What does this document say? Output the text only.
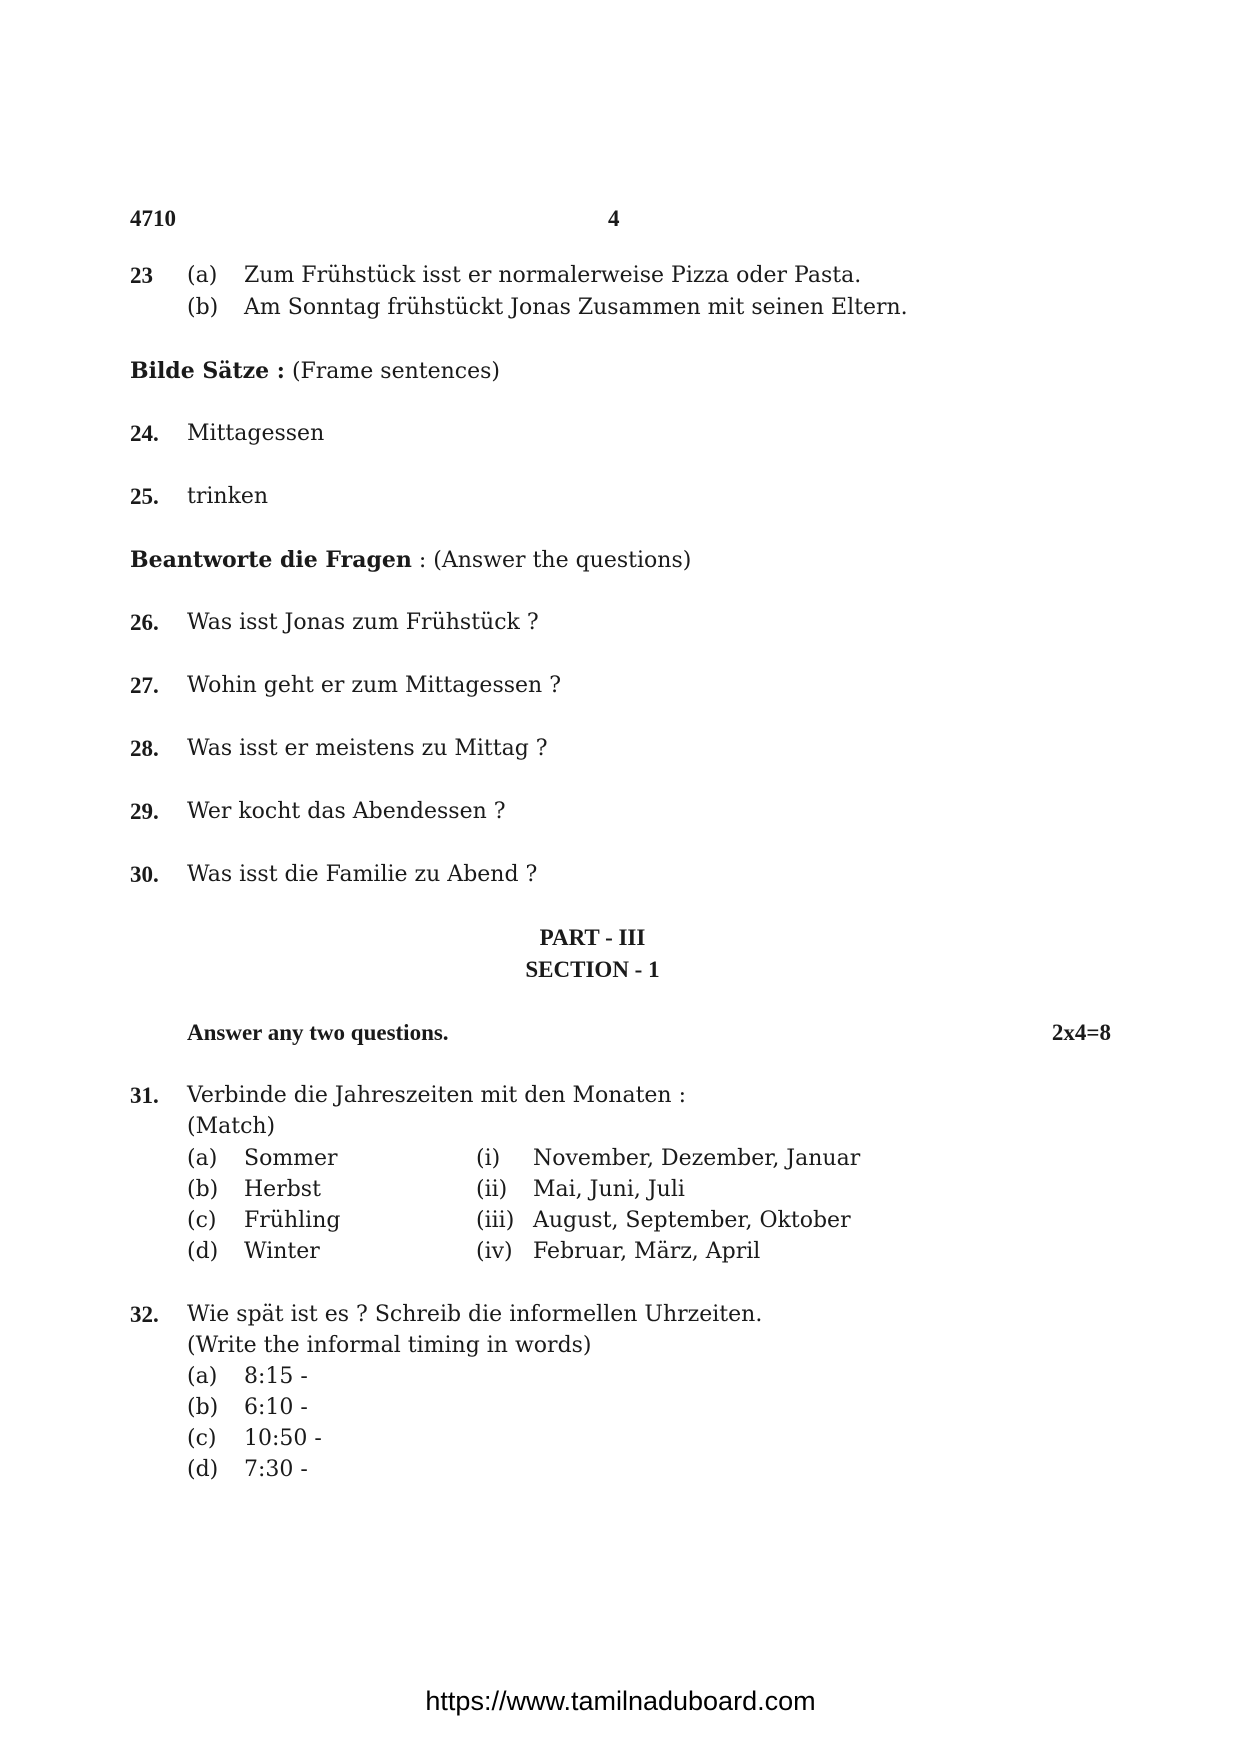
4710	4
23 (a) Zum Frühstück isst er normalerweise Pizza oder Pasta.
(b) Am Sonntag frühstückt Jonas Zusammen mit seinen Eltern.
Bilde Sätze : (Frame sentences)
24. Mittagessen
25. trinken
Beantworte die Fragen : (Answer the questions)
26. Was isst Jonas zum Frühstück ?
27. Wohin geht er zum Mittagessen ?
28. Was isst er meistens zu Mittag ?
29. Wer kocht das Abendessen ?
30. Was isst die Familie zu Abend ?
PART - III
SECTION - 1
Answer any two questions.	2x4=8
31. Verbinde die Jahreszeiten mit den Monaten :
(Match)
(a) Sommer	(i) November, Dezember, Januar
(b) Herbst	(ii) Mai, Juni, Juli
(c) Frühling	(iii) August, September, Oktober
(d) Winter	(iv) Februar, März, April
32. Wie spät ist es ? Schreib die informellen Uhrzeiten.
(Write the informal timing in words)
(a) 8:15 -
(b) 6:10 -
(c) 10:50 -
(d) 7:30 -
https://www.tamilnaduboard.com
